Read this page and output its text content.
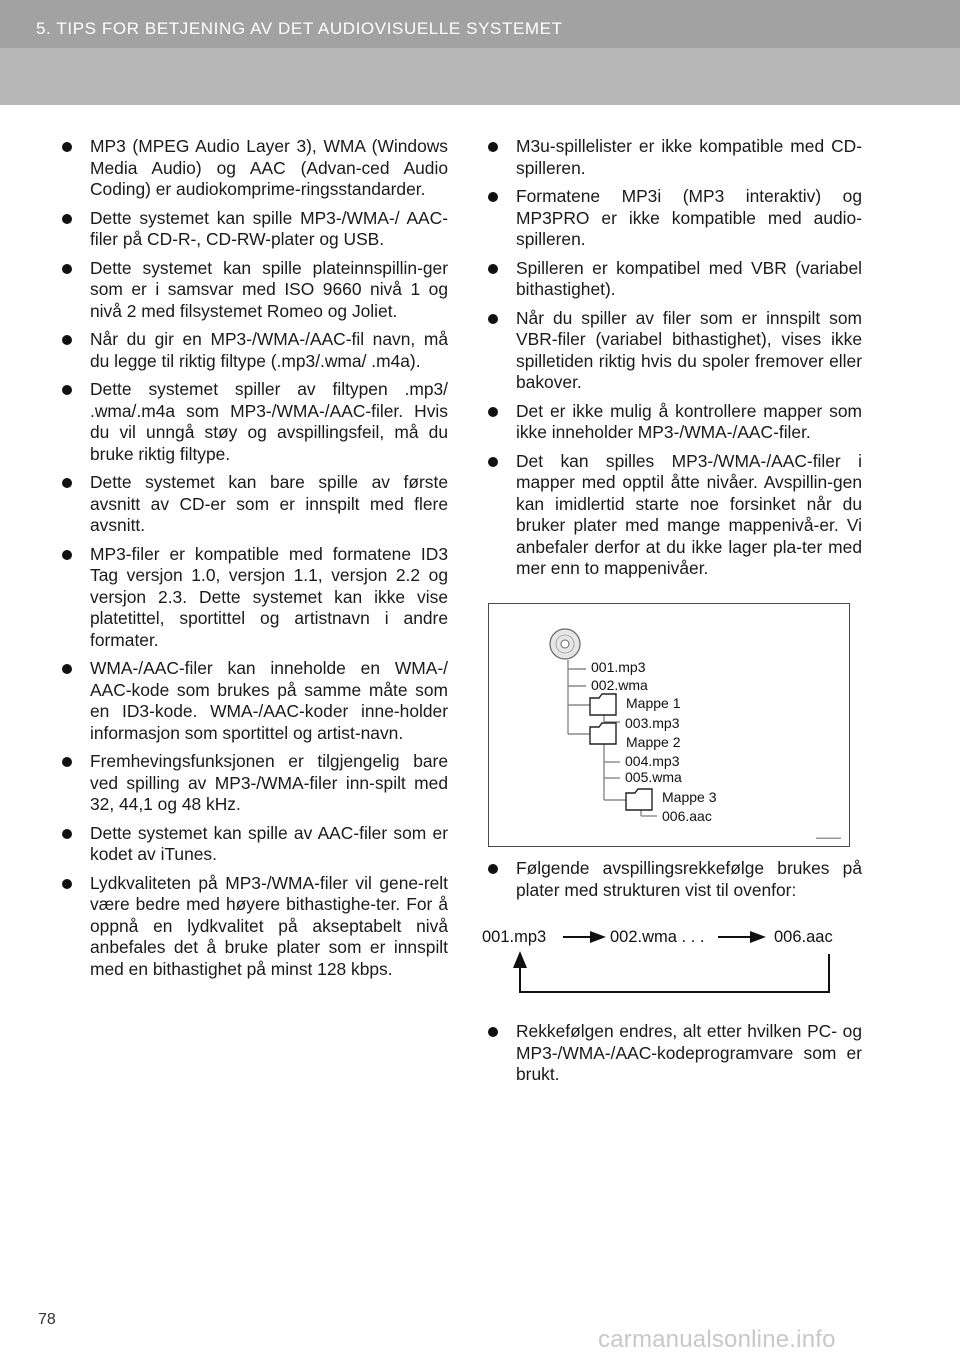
5. TIPS FOR BETJENING AV DET AUDIOVISUELLE SYSTEMET
MP3 (MPEG Audio Layer 3), WMA (Windows Media Audio) og AAC (Advan-ced Audio Coding) er audiokomprime-ringsstandarder.
Dette systemet kan spille MP3-/WMA-/ AAC-filer på CD-R-, CD-RW-plater og USB.
Dette systemet kan spille plateinnspillin-ger som er i samsvar med ISO 9660 nivå 1 og nivå 2 med filsystemet Romeo og Joliet.
Når du gir en MP3-/WMA-/AAC-fil navn, må du legge til riktig filtype (.mp3/.wma/ .m4a).
Dette systemet spiller av filtypen .mp3/ .wma/.m4a som MP3-/WMA-/AAC-filer. Hvis du vil unngå støy og avspillingsfeil, må du bruke riktig filtype.
Dette systemet kan bare spille av første avsnitt av CD-er som er innspilt med flere avsnitt.
MP3-filer er kompatible med formatene ID3 Tag versjon 1.0, versjon 1.1, versjon 2.2 og versjon 2.3. Dette systemet kan ikke vise platetittel, sportittel og artistnavn i andre formater.
WMA-/AAC-filer kan inneholde en WMA-/ AAC-kode som brukes på samme måte som en ID3-kode. WMA-/AAC-koder inne-holder informasjon som sportittel og artist-navn.
Fremhevingsfunksjonen er tilgjengelig bare ved spilling av MP3-/WMA-filer inn-spilt med 32, 44,1 og 48 kHz.
Dette systemet kan spille av AAC-filer som er kodet av iTunes.
Lydkvaliteten på MP3-/WMA-filer vil gene-relt være bedre med høyere bithastighe-ter. For å oppnå en lydkvalitet på akseptabelt nivå anbefales det å bruke plater som er innspilt med en bithastighet på minst 128 kbps.
M3u-spillelister er ikke kompatible med CD-spilleren.
Formatene MP3i (MP3 interaktiv) og MP3PRO er ikke kompatible med audio-spilleren.
Spilleren er kompatibel med VBR (variabel bithastighet).
Når du spiller av filer som er innspilt som VBR-filer (variabel bithastighet), vises ikke spilletiden riktig hvis du spoler fremover eller bakover.
Det er ikke mulig å kontrollere mapper som ikke inneholder MP3-/WMA-/AAC-filer.
Det kan spilles MP3-/WMA-/AAC-filer i mapper med opptil åtte nivåer. Avspillin-gen kan imidlertid starte noe forsinket når du bruker plater med mange mappenivå-er. Vi anbefaler derfor at du ikke lager pla-ter med mer enn to mappenivåer.
001.mp3
002.wma
Mappe 1
003.mp3
Mappe 2
004.mp3
005.wma
Mappe 3
006.aac
▬▬▬▬▬
Følgende avspillingsrekkefølge brukes på plater med strukturen vist til ovenfor:
001.mp3	002.wma . . .	006.aac
Rekkefølgen endres, alt etter hvilken PC- og MP3-/WMA-/AAC-kodeprogramvare som er brukt.
78
carmanualsonline.info
